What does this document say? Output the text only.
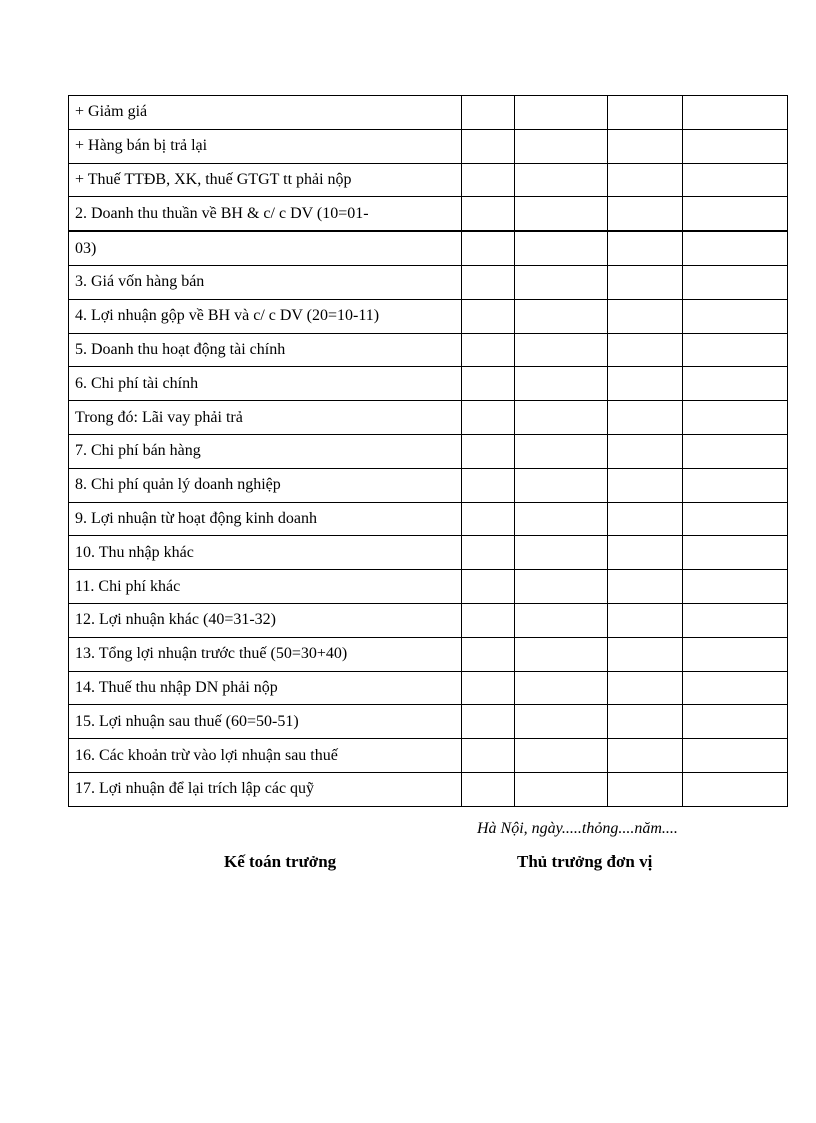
+ Giảm giá				
+ Hàng bán bị trả lại				
+ Thuế TTĐB, XK, thuế GTGT tt phải nộp				
2. Doanh thu thuần về BH & c/ c DV (10=01-				
03)				
3. Giá vốn hàng bán				
4. Lợi nhuận gộp về BH và c/ c DV (20=10-11)				
5. Doanh thu hoạt động tài chính				
6. Chi phí tài chính				
Trong đó: Lãi vay phải trả				
7. Chi phí bán hàng				
8. Chi phí quản lý doanh nghiệp				
9. Lợi nhuận từ hoạt động kinh doanh				
10. Thu nhập khác				
11. Chi phí khác				
12. Lợi nhuận khác (40=31-32)				
13. Tổng lợi nhuận trước thuế (50=30+40)				
14. Thuế thu nhập DN phải nộp				
15. Lợi nhuận sau thuế (60=50-51)				
16. Các khoản trừ vào lợi nhuận sau thuế				
17. Lợi nhuận để lại trích lập các quỹ				
Hà Nội, ngày.....thỏng....năm....
Kế toán trưởng	Thủ trưởng đơn vị
